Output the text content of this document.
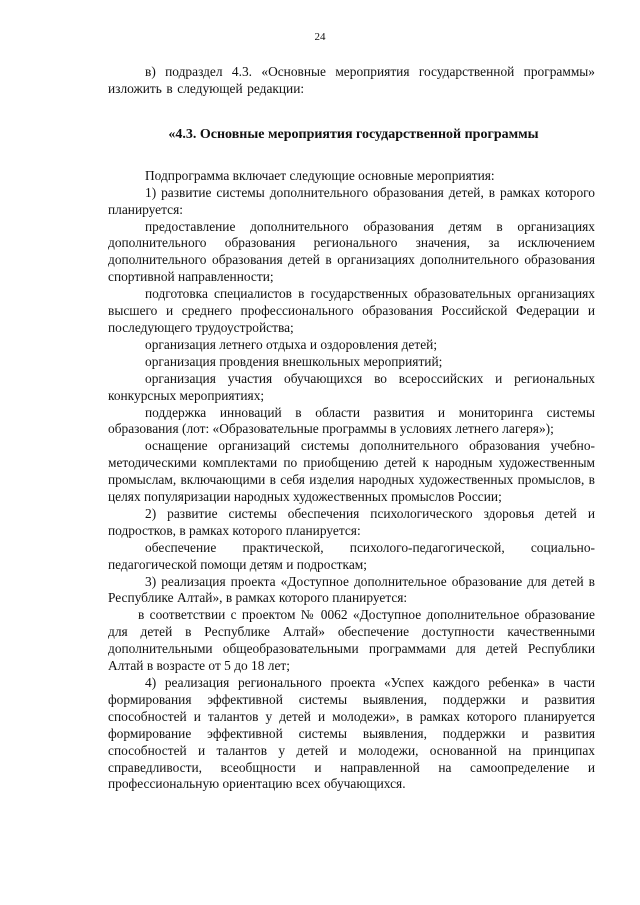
24

в) подраздел 4.3. «Основные мероприятия государственной программы» изложить в следующей редакции:

«4.3. Основные мероприятия государственной программы

Подпрограмма включает следующие основные мероприятия:

1) развитие системы дополнительного образования детей, в рамках которого планируется:

предоставление дополнительного образования детям в организациях дополнительного образования регионального значения, за исключением дополнительного образования детей в организациях дополнительного образования спортивной направленности;

подготовка специалистов в государственных образовательных организациях высшего и среднего профессионального образования Российской Федерации и последующего трудоустройства;

организация летнего отдыха и оздоровления детей;

организация провдения внешкольных мероприятий;

организация участия обучающихся во всероссийских и региональных конкурсных мероприятиях;

поддержка инноваций в области развития и мониторинга системы образования (лот: «Образовательные программы в условиях летнего лагеря»);

оснащение организаций системы дополнительного образования учебно-методическими комплектами по приобщению детей к народным художественным промыслам, включающими в себя изделия народных художественных промыслов, в целях популяризации народных художественных промыслов России;

2) развитие системы обеспечения психологического здоровья детей и подростков, в рамках которого планируется:

обеспечение практической, психолого-педагогической, социально-педагогической помощи детям и подросткам;

3) реализация проекта «Доступное дополнительное образование для детей в Республике Алтай», в рамках которого планируется:

в соответствии с проектом № 0062 «Доступное дополнительное образование для детей в Республике Алтай» обеспечение доступности качественными дополнительными общеобразовательными программами для детей Республики Алтай в возрасте от 5 до 18 лет;

4) реализация регионального проекта «Успех каждого ребенка» в части формирования эффективной системы выявления, поддержки и развития способностей и талантов у детей и молодежи», в рамках которого планируется формирование эффективной системы выявления, поддержки и развития способностей и талантов у детей и молодежи, основанной на принципах справедливости, всеобщности и направленной на самоопределение и профессиональную ориентацию всех обучающихся.
